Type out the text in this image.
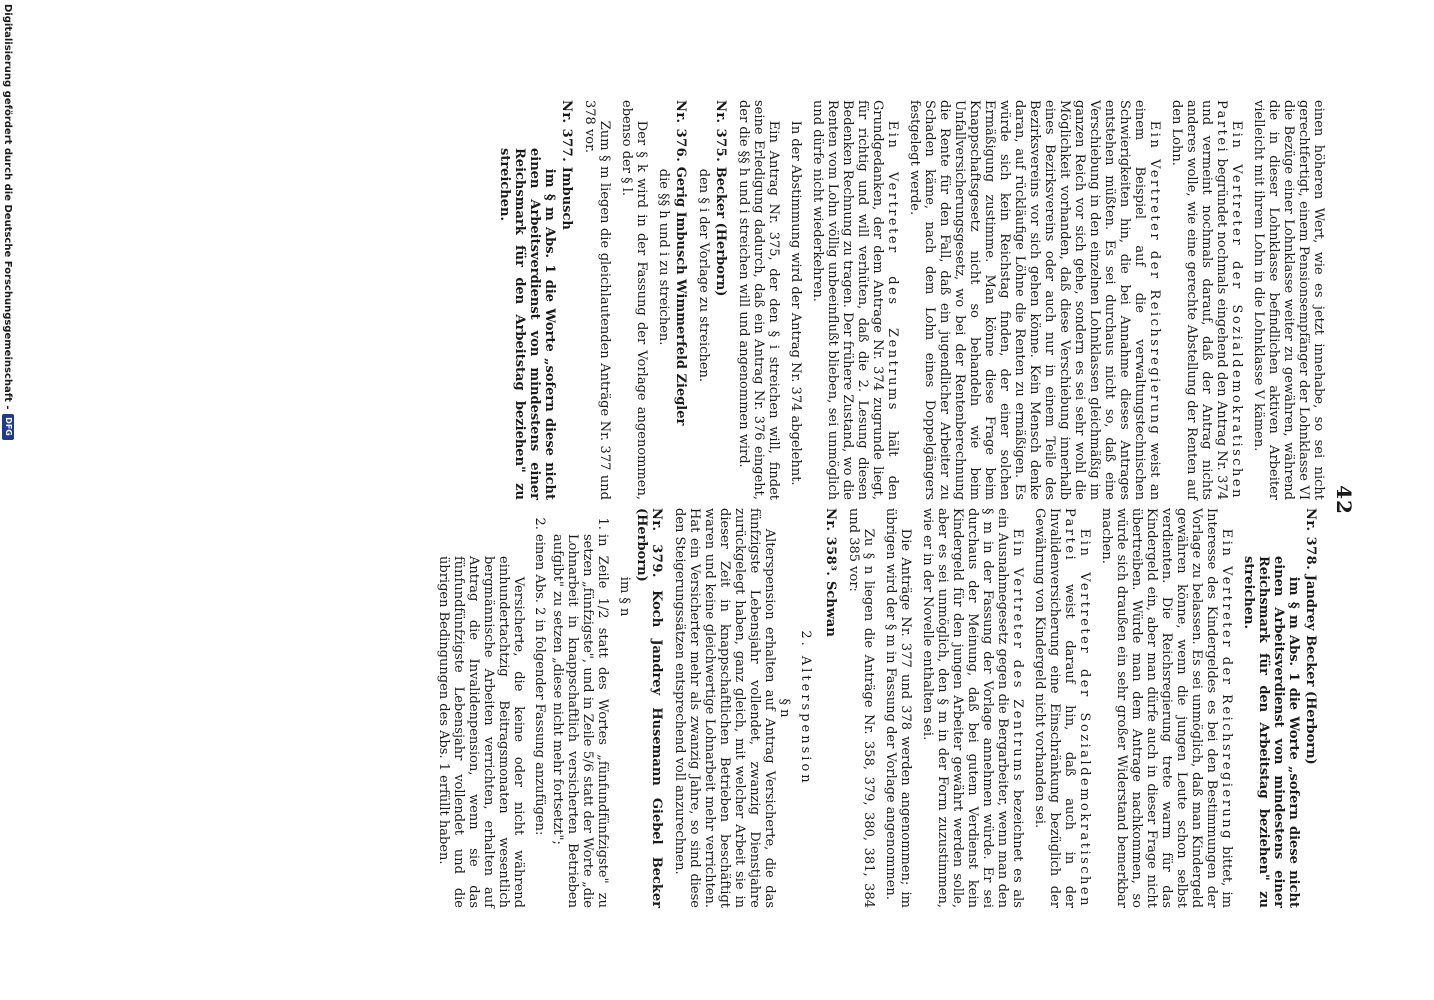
42

einen höheren Wert, wie es jetzt innehabe, so sei nicht gerechtfertigt, einem Pensionsempfänger der Lohnklasse VI die Bezüge einer Lohnklasse weiter zu gewähren, während die in dieser Lohnklasse befindlichen aktiven Arbeiter vielleicht mit ihrem Lohn in die Lohnklasse V kämen.

Ein Vertreter der Sozialdemokratischen Partei begründet nochmals eingehend den Antrag Nr. 374 und vermeint nochmals darauf, daß der Antrag nichts anderes wolle, wie eine gerechte Abstellung der Renten auf den Lohn.

Ein Vertreter der Reichsregierung weist an einem Beispiel auf die verwaltungstechnischen Schwierigkeiten hin, die bei Annahme dieses Antrages entstehen müßten. Es sei durchaus nicht so, daß eine Verschiebung in den einzelnen Lohnklassen gleichmäßig im ganzen Reich vor sich gehe, sondern es sei sehr wohl die Möglichkeit vorhanden, daß diese Verschiebung innerhalb eines Bezirksvereins oder auch nur in einem Teile des Bezirksvereins vor sich gehen könne. Kein Mensch denke daran, auf rückläufige Löhne die Renten zu ermäßigen. Es würde sich kein Reichstag finden, der einer solchen Ermäßigung zustimme. Man könne diese Frage beim Knappschaftsgesetz nicht so behandeln wie beim Unfallversicherungsgesetz, wo bei der Rentenberechnung die Rente für den Fall, daß ein jugendlicher Arbeiter zu Schaden käme, nach dem Lohn eines Doppelgängers festgelegt werde.

Ein Vertreter des Zentrums hält den Grundgedanken, der dem Antrage Nr. 374 zugrunde liegt, für richtig und will verhüten, daß die 2. Lesung diesen Bedenken Rechnung zu tragen. Der frühere Zustand, wo die Renten vom Lohn völlig unbeeinflußt blieben, sei unmöglich und dürfe nicht wiederkehren.

In der Abstimmung wird der Antrag Nr. 374 abgelehnt.

Ein Antrag Nr. 375, der den § i streichen will, findet seine Erledigung dadurch, daß ein Antrag Nr. 376 eingeht, der die §§ h und i streichen will und angenommen wird.

Nr. 375. Becker (Herborn)

den § i der Vorlage zu streichen.

Nr. 376. Gerig Imbusch Wimmerfeld Ziegler

die §§ h und i zu streichen.

Der § k wird in der Fassung der Vorlage angenommen, ebenso der § l.

Zum § m liegen die gleichlautenden Anträge Nr. 377 und 378 vor.

Nr. 377. Imbusch

im § m Abs. 1 die Worte „sofern diese nicht einen Arbeitsverdienst von mindestens einer Reichsmark für den Arbeitstag beziehen" zu streichen.

Nr. 378. Jandrey Becker (Herborn)

im § m Abs. 1 die Worte „sofern diese nicht einen Arbeitsverdienst von mindestens einer Reichsmark für den Arbeitstag beziehen" zu streichen.

Ein Vertreter der Reichsregierung bittet, im Interesse des Kindergeldes es bei den Bestimmungen der Vorlage zu belassen. Es sei unmöglich, daß man Kindergeld gewähren könne, wenn die jungen Leute schon selbst verdienten. Die Reichsregierung trete warm für das Kindergeld ein, aber man dürfe auch in dieser Frage nicht übertreiben. Würde man dem Antrage nachkommen, so würde sich draußen ein sehr großer Widerstand bemerkbar machen.

Ein Vertreter der Sozialdemokratischen Partei weist darauf hin, daß auch in der Invalidenversicherung eine Einschränkung bezüglich der Gewährung von Kindergeld nicht vorhanden sei.

Ein Vertreter des Zentrums bezeichnet es als ein Ausnahmegesetz gegen die Bergarbeiter, wenn man den § m in der Fassung der Vorlage annehmen würde. Er sei durchaus der Meinung, daß bei gutem Verdienst kein Kindergeld für den jungen Arbeiter gewährt werden solle, aber es sei unmöglich, den § m in der Form zuzustimmen, wie er in der Novelle enthalten sei.

Die Anträge Nr. 377 und 378 werden angenommen; im übrigen wird der § m in Fassung der Vorlage angenommen.

Zu § n liegen die Anträge Nr. 358, 379, 380, 381, 384 und 385 vor:

Nr. 358³. Schwan
2. Alterspension
§ n

Alterspension erhalten auf Antrag Versicherte, die das fünfzigste Lebensjahr vollendet, zwanzig Dienstjahre zurückgelegt haben, ganz gleich, mit welcher Arbeit sie in dieser Zeit in knappschaftlichen Betrieben beschäftigt waren und keine gleichwertige Lohnarbeit mehr verrichten. Hat ein Versicherter mehr als zwanzig Jahre, so sind diese den Steigerungssätzen entsprechend voll anzurechnen.

Nr. 379. Koch Jandrey Husemann Giebel Becker (Herborn)

im § n

1. in Zeile 1/2 statt des Wortes „fünfundfünfzigste" zu setzen „fünfzigste", und in Zeile 5/6 statt der Worte „die Lohnarbeit in knappschaftlich versicherten Betrieben aufgibt" zu setzen „diese nicht mehr fortsetzt";
2. einen Abs. 2 in folgender Fassung anzufügen:

Versicherte, die keine oder nicht während einhundertachtzig Beitragsmonaten wesentlich bergmännische Arbeiten verrichten, erhalten auf Antrag die Invalidenpension, wenn sie das fünfundfünfzigste Lebensjahr vollendet und die übrigen Bedingungen des Abs. 1 erfüllt haben.

Digitalisierung gefördert durch die Deutsche Forschungsgemeinschaft -
DFG
